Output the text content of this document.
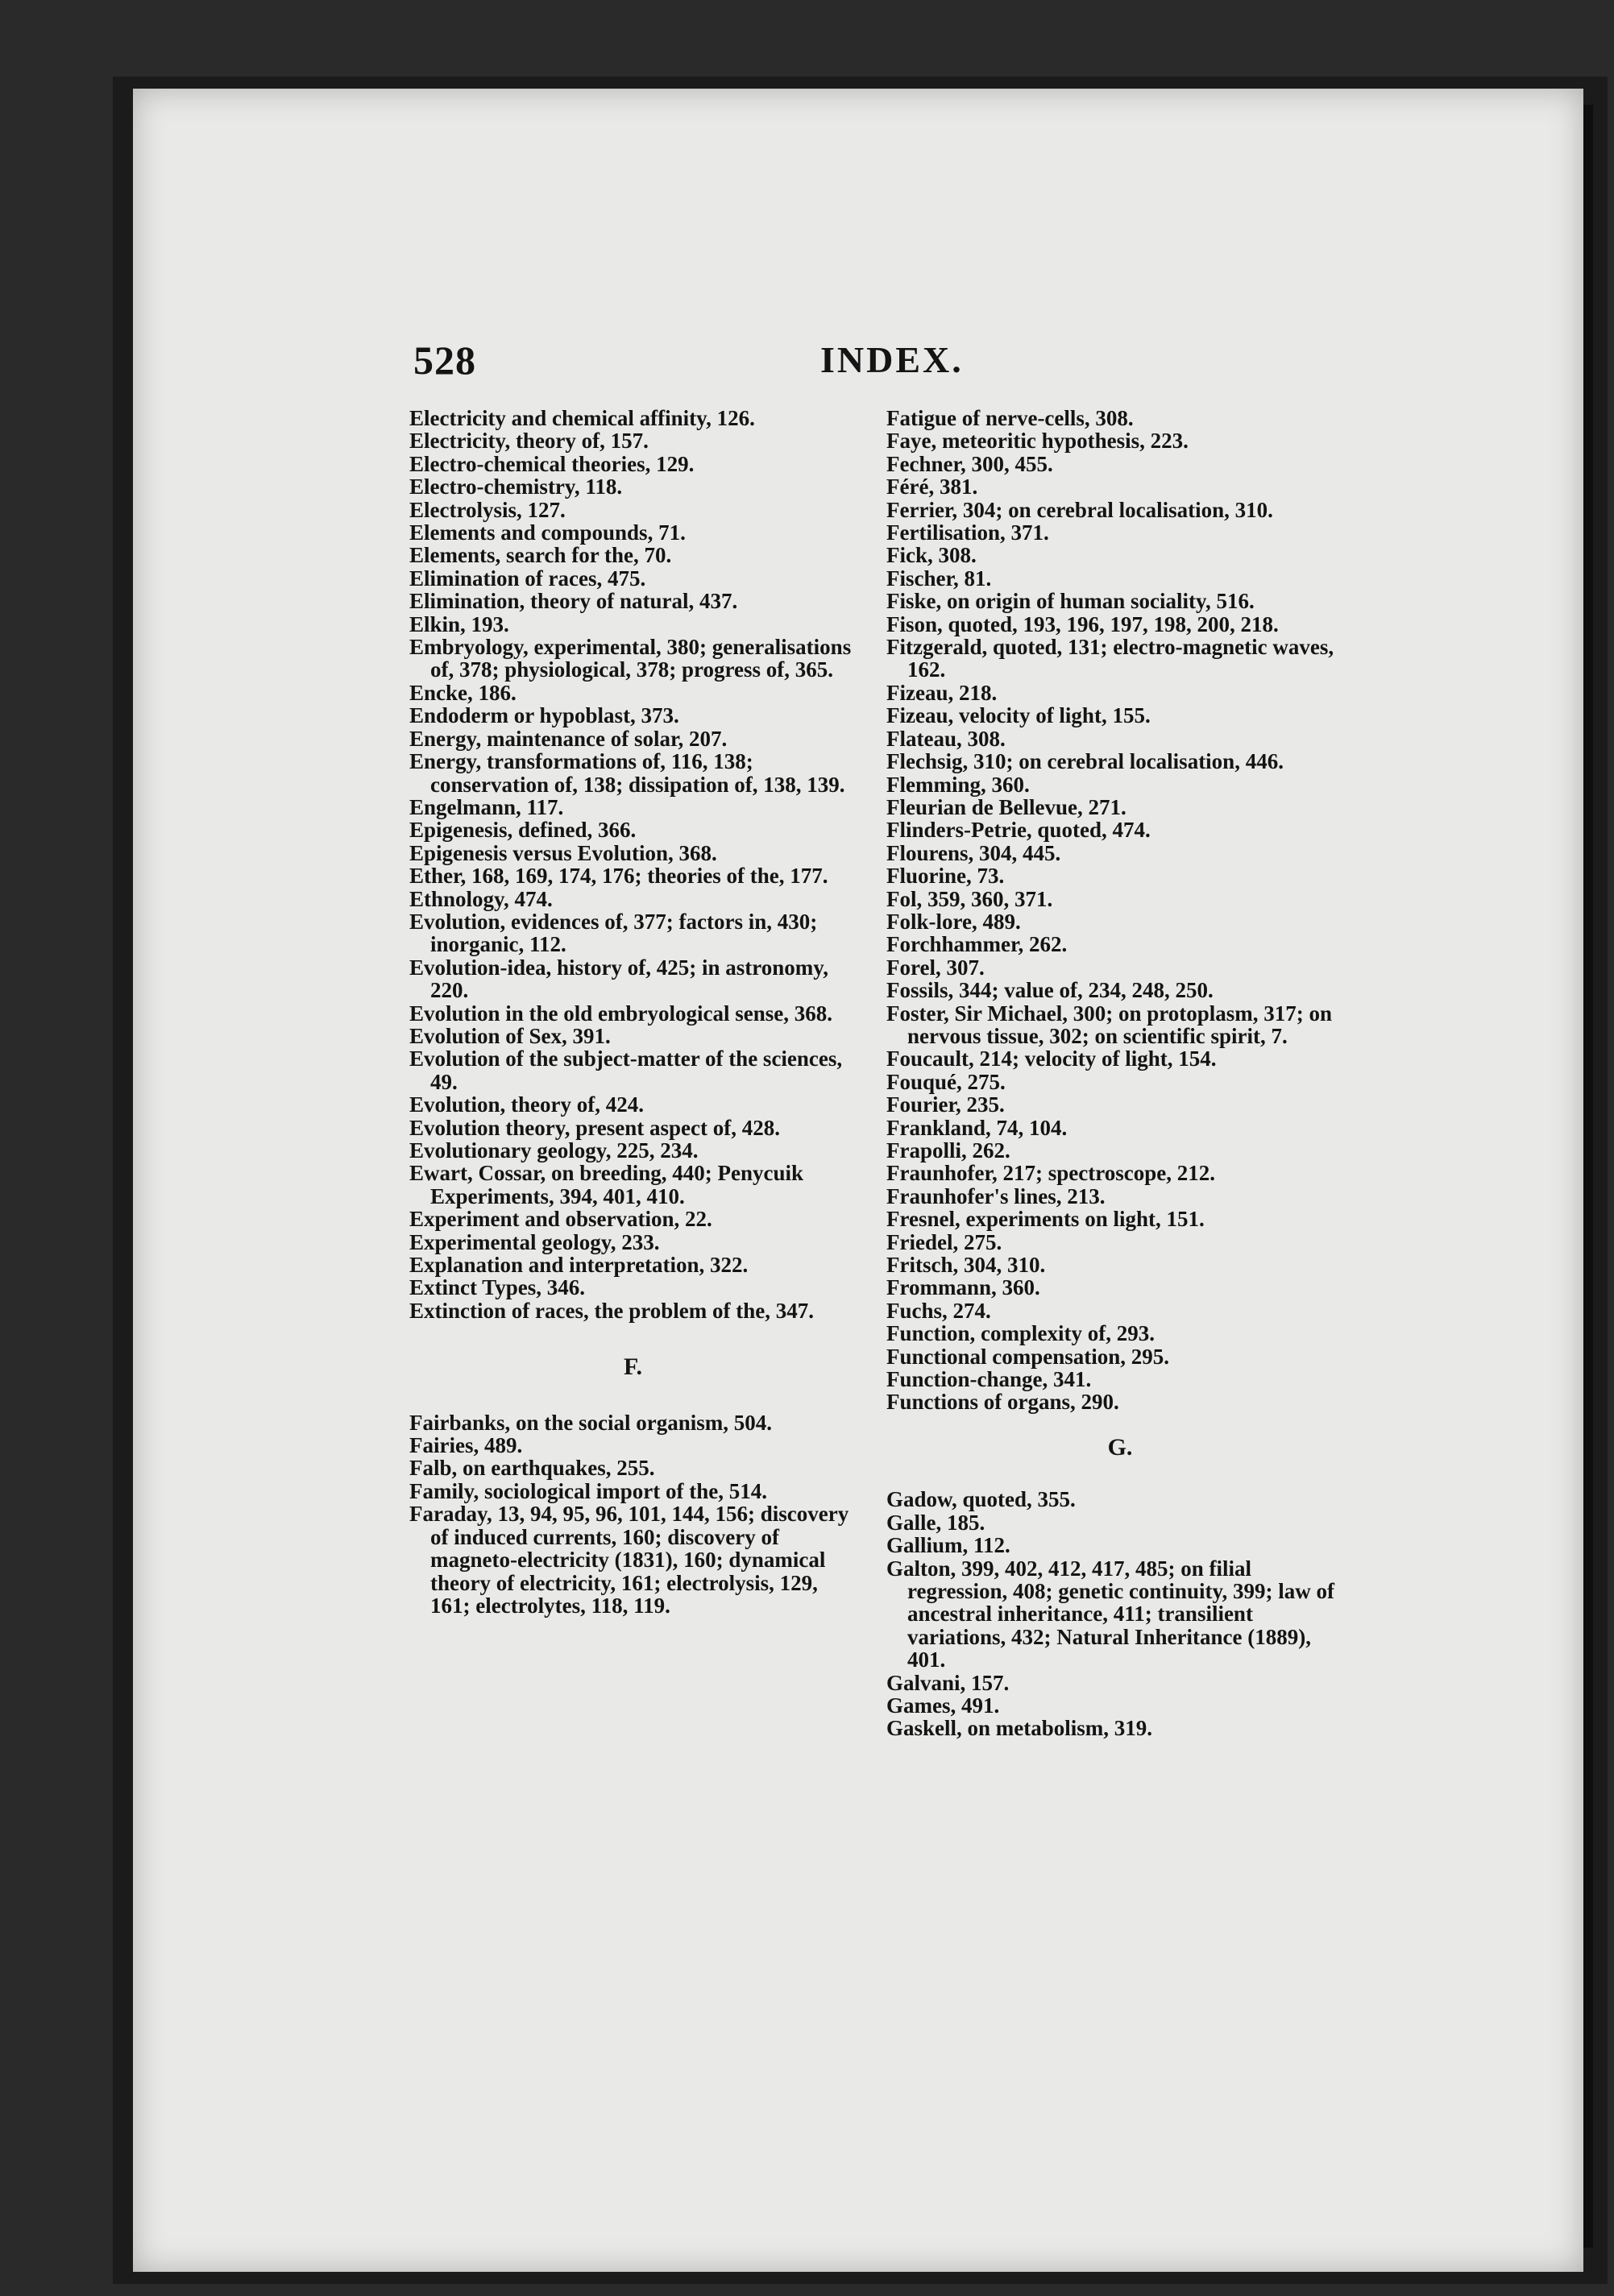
528	INDEX.

Electricity and chemical affinity, 126.

Electricity, theory of, 157.

Electro-chemical theories, 129.

Electro-chemistry, 118.

Electrolysis, 127.

Elements and compounds, 71.

Elements, search for the, 70.

Elimination of races, 475.

Elimination, theory of natural, 437.

Elkin, 193.

Embryology, experimental, 380; generalisations of, 378; physiological, 378; progress of, 365.

Encke, 186.

Endoderm or hypoblast, 373.

Energy, maintenance of solar, 207.

Energy, transformations of, 116, 138; conservation of, 138; dissipation of, 138, 139.

Engelmann, 117.

Epigenesis, defined, 366.

Epigenesis versus Evolution, 368.

Ether, 168, 169, 174, 176; theories of the, 177.

Ethnology, 474.

Evolution, evidences of, 377; factors in, 430; inorganic, 112.

Evolution-idea, history of, 425; in astronomy, 220.

Evolution in the old embryological sense, 368.

Evolution of Sex, 391.

Evolution of the subject-matter of the sciences, 49.

Evolution, theory of, 424.

Evolution theory, present aspect of, 428.

Evolutionary geology, 225, 234.

Ewart, Cossar, on breeding, 440; Penycuik Experiments, 394, 401, 410.

Experiment and observation, 22.

Experimental geology, 233.

Explanation and interpretation, 322.

Extinct Types, 346.

Extinction of races, the problem of the, 347.

F.

Fairbanks, on the social organism, 504.

Fairies, 489.

Falb, on earthquakes, 255.

Family, sociological import of the, 514.

Faraday, 13, 94, 95, 96, 101, 144, 156; discovery of induced currents, 160; discovery of magneto-electricity (1831), 160; dynamical theory of electricity, 161; electrolysis, 129, 161; electrolytes, 118, 119.

Fatigue of nerve-cells, 308.

Faye, meteoritic hypothesis, 223.

Fechner, 300, 455.

Féré, 381.

Ferrier, 304; on cerebral localisation, 310.

Fertilisation, 371.

Fick, 308.

Fischer, 81.

Fiske, on origin of human sociality, 516.

Fison, quoted, 193, 196, 197, 198, 200, 218.

Fitzgerald, quoted, 131; electro-magnetic waves, 162.

Fizeau, 218.

Fizeau, velocity of light, 155.

Flateau, 308.

Flechsig, 310; on cerebral localisation, 446.

Flemming, 360.

Fleurian de Bellevue, 271.

Flinders-Petrie, quoted, 474.

Flourens, 304, 445.

Fluorine, 73.

Fol, 359, 360, 371.

Folk-lore, 489.

Forchhammer, 262.

Forel, 307.

Fossils, 344; value of, 234, 248, 250.

Foster, Sir Michael, 300; on protoplasm, 317; on nervous tissue, 302; on scientific spirit, 7.

Foucault, 214; velocity of light, 154.

Fouqué, 275.

Fourier, 235.

Frankland, 74, 104.

Frapolli, 262.

Fraunhofer, 217; spectroscope, 212.

Fraunhofer's lines, 213.

Fresnel, experiments on light, 151.

Friedel, 275.

Fritsch, 304, 310.

Frommann, 360.

Fuchs, 274.

Function, complexity of, 293.

Functional compensation, 295.

Function-change, 341.

Functions of organs, 290.

G.

Gadow, quoted, 355.

Galle, 185.

Gallium, 112.

Galton, 399, 402, 412, 417, 485; on filial regression, 408; genetic continuity, 399; law of ancestral inheritance, 411; transilient variations, 432; Natural Inheritance (1889), 401.

Galvani, 157.

Games, 491.

Gaskell, on metabolism, 319.
